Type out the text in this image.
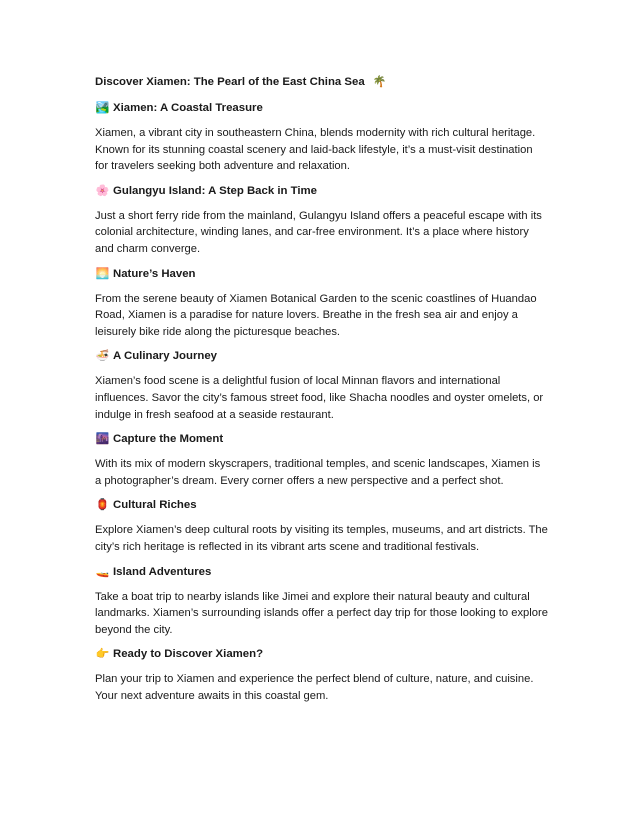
Discover Xiamen: The Pearl of the East China Sea 🌴
🏞️ Xiamen: A Coastal Treasure
Xiamen, a vibrant city in southeastern China, blends modernity with rich cultural heritage.
Known for its stunning coastal scenery and laid-back lifestyle, it’s a must-visit destination
for travelers seeking both adventure and relaxation.
🌸 Gulangyu Island: A Step Back in Time
Just a short ferry ride from the mainland, Gulangyu Island offers a peaceful escape with its
colonial architecture, winding lanes, and car-free environment. It’s a place where history
and charm converge.
🌅 Nature’s Haven
From the serene beauty of Xiamen Botanical Garden to the scenic coastlines of Huandao
Road, Xiamen is a paradise for nature lovers. Breathe in the fresh sea air and enjoy a
leisurely bike ride along the picturesque beaches.
🍜 A Culinary Journey
Xiamen’s food scene is a delightful fusion of local Minnan flavors and international
influences. Savor the city’s famous street food, like Shacha noodles and oyster omelets, or
indulge in fresh seafood at a seaside restaurant.
🌆 Capture the Moment
With its mix of modern skyscrapers, traditional temples, and scenic landscapes, Xiamen is
a photographer’s dream. Every corner offers a new perspective and a perfect shot.
🏮 Cultural Riches
Explore Xiamen’s deep cultural roots by visiting its temples, museums, and art districts. The
city’s rich heritage is reflected in its vibrant arts scene and traditional festivals.
🚤 Island Adventures
Take a boat trip to nearby islands like Jimei and explore their natural beauty and cultural
landmarks. Xiamen’s surrounding islands offer a perfect day trip for those looking to explore
beyond the city.
👉 Ready to Discover Xiamen?
Plan your trip to Xiamen and experience the perfect blend of culture, nature, and cuisine.
Your next adventure awaits in this coastal gem.
